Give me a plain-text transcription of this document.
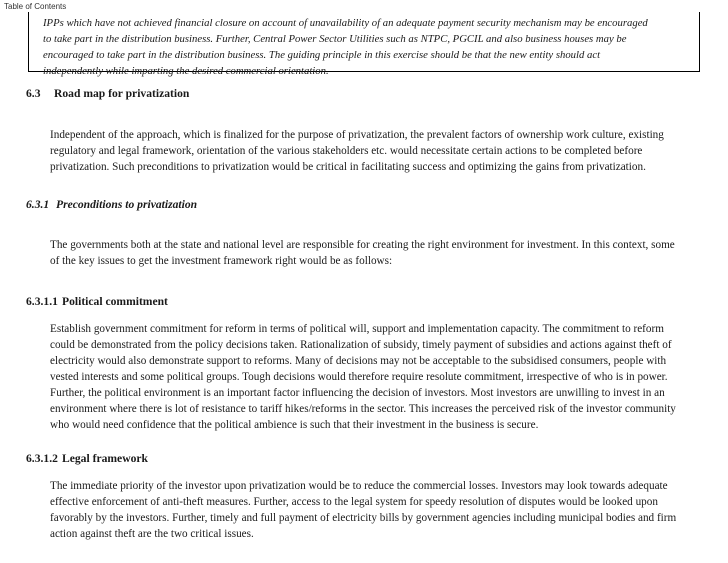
Table of Contents
IPPs which have not achieved financial closure on account of unavailability of an adequate payment security mechanism may be encouraged
to take part in the distribution business. Further, Central Power Sector Utilities such as NTPC, PGCIL and also business houses may be
encouraged to take part in the distribution business. The guiding principle in this exercise should be that the new entity should act
independently while imparting the desired commercial orientation.
6.3 Road map for privatization
Independent of the approach, which is finalized for the purpose of privatization, the prevalent factors of ownership work culture, existing
regulatory and legal framework, orientation of the various stakeholders etc. would necessitate certain actions to be completed before
privatization. Such preconditions to privatization would be critical in facilitating success and optimizing the gains from privatization.
6.3.1 Preconditions to privatization
The governments both at the state and national level are responsible for creating the right environment for investment. In this context, some
of the key issues to get the investment framework right would be as follows:
6.3.1.1 Political commitment
Establish government commitment for reform in terms of political will, support and implementation capacity. The commitment to reform
could be demonstrated from the policy decisions taken. Rationalization of subsidy, timely payment of subsidies and actions against theft of
electricity would also demonstrate support to reforms. Many of decisions may not be acceptable to the subsidised consumers, people with
vested interests and some political groups. Tough decisions would therefore require resolute commitment, irrespective of who is in power.
Further, the political environment is an important factor influencing the decision of investors. Most investors are unwilling to invest in an
environment where there is lot of resistance to tariff hikes/reforms in the sector. This increases the perceived risk of the investor community
who would need confidence that the political ambience is such that their investment in the business is secure.
6.3.1.2 Legal framework
The immediate priority of the investor upon privatization would be to reduce the commercial losses. Investors may look towards adequate
effective enforcement of anti-theft measures. Further, access to the legal system for speedy resolution of disputes would be looked upon
favorably by the investors. Further, timely and full payment of electricity bills by government agencies including municipal bodies and firm
action against theft are the two critical issues.
